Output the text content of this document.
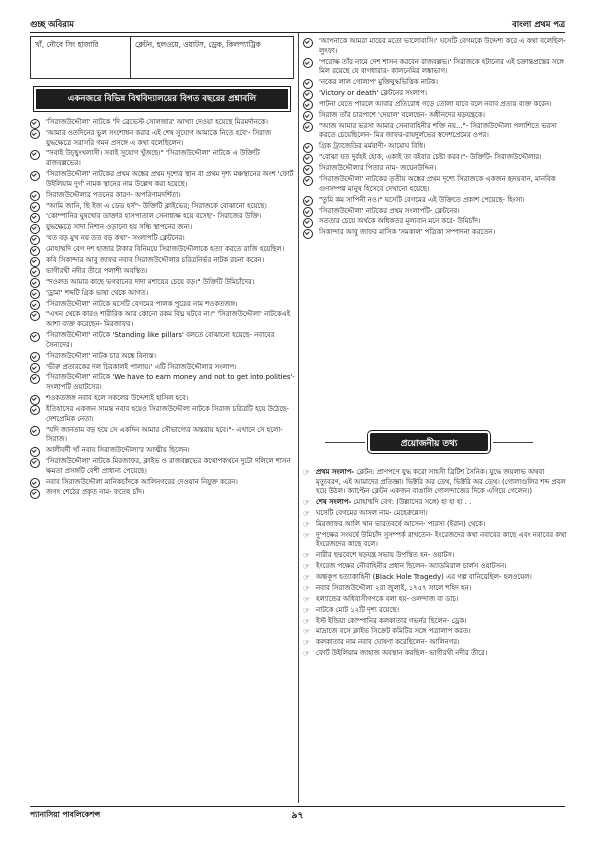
গুচ্ছ অবিরাম	বাংলা প্রথম পত্র
খাঁ, নৌবে সিং হাজারি	ক্লেটন, হলওয়ে, ওয়াটস, ড্রেক, কিলপ্যাট্রিক
একনজরে বিভিন্ন বিশ্ববিদ্যালয়ের বিগত বছরের প্রশ্নাবলি
'সিরাজউদ্দৌলা' নাটকে 'দি ব্রেভেস্ট সোলজার' আখ্যা দেওয়া হয়েছে মিরমর্দানকে।
'আমার ওতদিনের ভুল সংশোধন করার এই শেষ সুযোগ আমাকে নিতে হবে'- সিরাজ যুদ্ধক্ষেত্রে সরাসরি গমন প্রসঙ্গে এ কথা বলেছিলেন।
"সবাই উচ্ছ্বংখলাসী। সবাই সুযোগ খুঁজছে।" 'সিরাজউদ্দৌলা' নাটকে এ উক্তিটি রাজবল্লভের।
'সিরাজউদ্দৌলা' নাটকের প্রথম অঙ্কের প্রথম দৃশ্যের স্থান বা প্রথম দৃশ্য মঞ্চস্থানের অংশ 'ফোর্ট উইলিয়াম দুর্গ' নামক স্থানের নাম উল্লেখ করা হয়েছে।
সিরাজউদ্দৌলার পতনের কারণ- অপরিণামদর্শিতা।
"আমি জানি, ছি ইজ এ ডেড হর্স"- উক্তিটি ক্লাইভের; সিরাজকে বোঝানো হয়েছে।
'কোম্পানির ঘুষখোর ডাক্তার হাসপাতাল সেনাধ্যক্ষ হয়ে বসেছ'- সিরাজের উক্তি।
যুদ্ধক্ষেত্রে সাদা নিশান ওড়ানো হয় সন্ধি স্থাপনের জন্য।
'যত বড় মুখ নয় তত বড় কথা'- সংলাপটি ক্লেটনের।
মোহাম্মদি বেগ দশ হাজার টাকার বিনিময়ে সিরাজউদ্দৌলাকে হত্যা করতে রাজি হয়েছিল।
কবি সিকান্দার আবু জাফর নবাব সিরাজউদ্দৌলার চরিত্রনির্ভর নাটক রচনা করেন।
ভাগীরথী নদীর তীরে পলাশী অবস্থিত।
"দওলত আমার কাছে ভগবানের দাদা মশায়ের চেয়ে বড়।" উক্তিটি উমিচাঁদের।
'ড্রামা' শব্দটি গ্রিক ভাষা থেকে আগত।
'সিরাজউদ্দৌলা' নাটকে ঘসেটি বেগমের পালক পুত্রের নাম শওকতজঙ্গ।
"এখন থেকে কারও শারীরিক আর কোনো রকম বিঘ্ন ঘটবে না।" 'সিরাজউদ্দৌলা' নাটকেএই আশা ব্যক্ত করেছেন- মিরজাফর।
'সিরাজউদ্দৌলা' নাটকে 'Standing like pillars' বলতে বোঝানো হয়েছে- নবাবের সৈন্যদের।
'সিরাজউদ্দৌলা' নাটক চার অঙ্কে বিন্যস্ত।
'ভীরু প্রতারকের দল চিরকালই পালায়।' এটি সিরাজউদ্দৌলার সংলাপ।
'সিরাজউদ্দৌলা' নাটকে 'We have to earn money and not to get into polities'- সংলাপটি ওয়াটসের।
শওকতজঙ্গ নবাব হলে সকলের উদ্দেশ্যই হাসিল হবে।
ইতিহাসের একজন সামন্ত নবাব হয়েও সিরাজউদ্দৌলা নাটকে সিরাজ চরিত্রটি হয়ে উঠেছে- দেশপ্রেমিক নেতা।
"যদি জানতাম বড় হয়ে সে একদিন আমার সৌভাগ্যের অন্তরায় হবে।"- এখানে সে হলো- সিরাজ।
আলীবর্দী খাঁ নবাব সিরাজউদ্দৌলা'র আত্মীয় ছিলেন।
'সিরাজউদ্দৌলা' নাটকে মিরজাফর, ক্লাইভ ও রাজবল্লভের কথোপকথনে দুটো দলিলে শাসন ক্ষমতা প্রসঙ্গটি বেশী প্রাধান্য পেয়েছে।
নবাব সিরাজউদ্দৌলা মানিকচাঁদকে আলিনগরের দেওয়ান নিযুক্ত করেন।
জগৎ শেঠের প্রকৃত নাম- ফতেহ চাঁদ।
'আপনাকে আমরা মায়ের মতো ভালোবাসি।' ঘসেটি বেগমকে উদ্দেশ্য করে এ কথা বলেছিল- লুৎফা।
'পরোক্ষ তাঁর নামে দেশ শাসন করবেন রাজবল্লভ।' সিরাজকে হটানোর এই চক্রান্তপ্রস্তের সঙ্গে মিল রয়েছে যে বাগধারার- কালনেমির লঙ্কাভাগ।
'নকের লাল গোলাপ' মুক্তিযুদ্ধভিত্তিক নাটক।
'Victory or death' ক্লেটনের সংলাপ।
পাটনা যেতে পারলে আবার প্রতিরোধ গড়ে তোলা যাবে বলে নবাব প্রত্যয় ব্যক্ত করেন।
সিরাজ তাঁর চারপাশে 'দেয়াল' বলেছেন- অধীনদের ষড়যন্ত্রকে।
"আজ আমার ভরসা আমার সেনাবাহিনীর শক্তি নয়..."- সিরাজউদ্দৌলা পলাশিতে ভরসা করতে চেয়েছিলেন- মির জাফর-রায়দুর্লভের স্বদেশপ্রেমের ওপর।
গ্রিক ট্র্যাজেডির মর্মবাণী- আমোঘ বিধি।
"বোঝা যত দুর্বহই হোক, একাই তা বইবার চেষ্টা করব।"- উক্তিটি- সিরাজউদ্দৌলার।
সিরাজউদ্দৌলার পিতার নাম- জয়েনউদ্দিন।
'সিরাজউদ্দৌলা' নাটকের তৃতীয় অঙ্কের প্রথম দৃশ্যে সিরাজকে একজন হৃদয়বান, মানবিক গুণসম্পন্ন মানুষ হিসেবে দেখানো হয়েছে।
"তুমি কম সাপিনী নও।" ঘসেটি বেগমের এই উক্তিতে প্রকাশ পেয়েছে- হিংসা।
'সিরাজউদ্দৌলা' নাটকের প্রথম সংলাপটি- ক্লেটনের।
সততার চেয়ে অর্থকে অধিকতর মূল্যবান মনে করে- উমিচাঁদ।
সিকান্দার আবু জাফর মাসিক 'সমকাল' পত্রিকা সম্পাদনা করতেন।
প্রয়োজনীয় তথ্য
☞ প্রথম সংলাপ- ক্লেটন: প্রাণপণে যুদ্ধ করো সাহসী ব্রিটিশ সৈনিক। যুদ্ধে জয়লাভ অথবা মৃত্যুবরণ, এই আমাদের প্রতিজ্ঞা। ভিক্টরি অর ডেথ, ভিক্টরি অর ডেথ। (গোলাগুলির শব্দ প্রবল হয়ে উঠল। ক্যাপ্টেন ক্লেটন একজন বাঙালি গোলন্দাজের দিকে এগিয়ে গেলেন।)
☞ শেষ সংলাপ- মোহাম্মদি বেগ: (উল্লাসের সঙ্গে) হা হা হা . .
☞ ঘসেটি বেগমের আসল নাম- মেহেরুন্নেসা।
☞ মিরজাফর আলি খান ভারতবর্ষে আসেন- পারস্য (ইরান) থেকে।
☞ দু'পক্ষের সংঘর্ষে উমিচাঁদ সুসম্পর্ক রাখতেন- ইংরেজদের কথা নবাবের কাছে এবং নবাবের কথা ইংরেজদের কাছে বলে।
☞ নারীর ছদ্মবেশে ষড়যন্ত্র সভায় উপস্থিত হন- ওয়াটস।
☞ ইংরেজ পক্ষের নৌবাহিনীর প্রধান ছিলেন- অ্যাডমিরাল চার্লস ওয়াটসন।
☞ অন্ধকূপ হত্যাকাহিনী (Black Hole Tragedy) এর গল্প বানিয়েছিল- হলওয়েল।
☞ নবাব সিরাজউদ্দৌলা ২রা জুলাই, ১৭৫৭ সালে শহিদ হন।
☞ হল্যান্ডের অধিবাসীগণকে বলা হয়- ওলন্দাজ বা ডাচ।
☞ নাটকে মোট ১২টি দৃশ্য রয়েছে।
☞ ইস্ট ইন্ডিয়া কোম্পানির কলকাতার গভর্নর ছিলেন- ড্রেক।
☞ মাদ্রাজে বসে ক্লাইভ সিক্রেট কমিটির সঙ্গে পত্রালাপ করত।
☞ কলকাতার নাম নবাব ঘোষণা করেছিলেন- আলিনগর।
☞ ফোর্ট উইলিয়াম জাহাজ অবস্থান করছিল- ভাগীরথী নদীর তীরে।
প্যানাসিয়া পাবলিকেশন্স	৯৭
